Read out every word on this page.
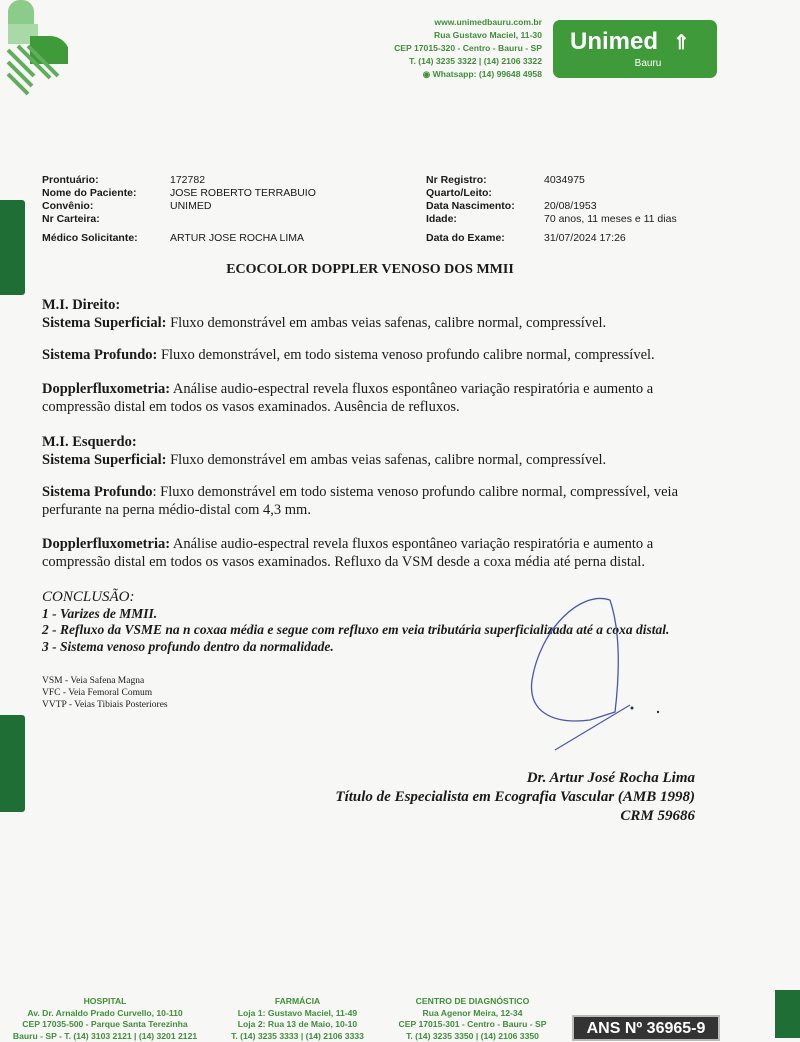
www.unimedbauru.com.br
Rua Gustavo Maciel, 11-30
CEP 17015-320 - Centro - Bauru - SP
T. (14) 3235 3322 | (14) 2106 3322
◉ Whatsapp: (14) 99648 4958
Unimed ⇑
Bauru
Prontuário:
Nome do Paciente:
Convênio:
Nr Carteira:
Médico Solicitante:
172782
JOSE ROBERTO TERRABUIO
UNIMED

ARTUR JOSE ROCHA LIMA
Nr Registro:
Quarto/Leito:
Data Nascimento:
Idade:
Data do Exame:
4034975

20/08/1953
70 anos, 11 meses e 11 dias
31/07/2024 17:26
ECOCOLOR DOPPLER VENOSO DOS MMII
M.I. Direito:
Sistema Superficial: Fluxo demonstrável em ambas veias safenas, calibre normal, compressível.
Sistema Profundo: Fluxo demonstrável, em todo sistema venoso profundo calibre normal, compressível.
Dopplerfluxometria: Análise audio-espectral revela fluxos espontâneo variação respiratória e aumento a compressão distal em todos os vasos examinados. Ausência de refluxos.
M.I. Esquerdo:
Sistema Superficial: Fluxo demonstrável em ambas veias safenas, calibre normal, compressível.
Sistema Profundo: Fluxo demonstrável em todo sistema venoso profundo calibre normal, compressível, veia perfurante na perna médio-distal com 4,3 mm.
Dopplerfluxometria: Análise audio-espectral revela fluxos espontâneo variação respiratória e aumento a compressão distal em todos os vasos examinados. Refluxo da VSM desde a coxa média até perna distal.
CONCLUSÃO:
1 - Varizes de MMII.
2 - Refluxo da VSME na n coxaa média e segue com refluxo em veia tributária superficializada até a coxa distal.
3 - Sistema venoso profundo dentro da normalidade.
VSM - Veia Safena Magna
VFC - Veia Femoral Comum
VVTP - Veias Tibiais Posteriores
Dr. Artur José Rocha Lima
Título de Especialista em Ecografia Vascular (AMB 1998)
CRM 59686
HOSPITAL
Av. Dr. Arnaldo Prado Curvello, 10-110
CEP 17035-500 - Parque Santa Terezinha
Bauru - SP - T. (14) 3103 2121 | (14) 3201 2121
FARMÁCIA
Loja 1: Gustavo Maciel, 11-49
Loja 2: Rua 13 de Maio, 10-10
T. (14) 3235 3333 | (14) 2106 3333
CENTRO DE DIAGNÓSTICO
Rua Agenor Meira, 12-34
CEP 17015-301 - Centro - Bauru - SP
T. (14) 3235 3350 | (14) 2106 3350	ANS Nº 36965-9
